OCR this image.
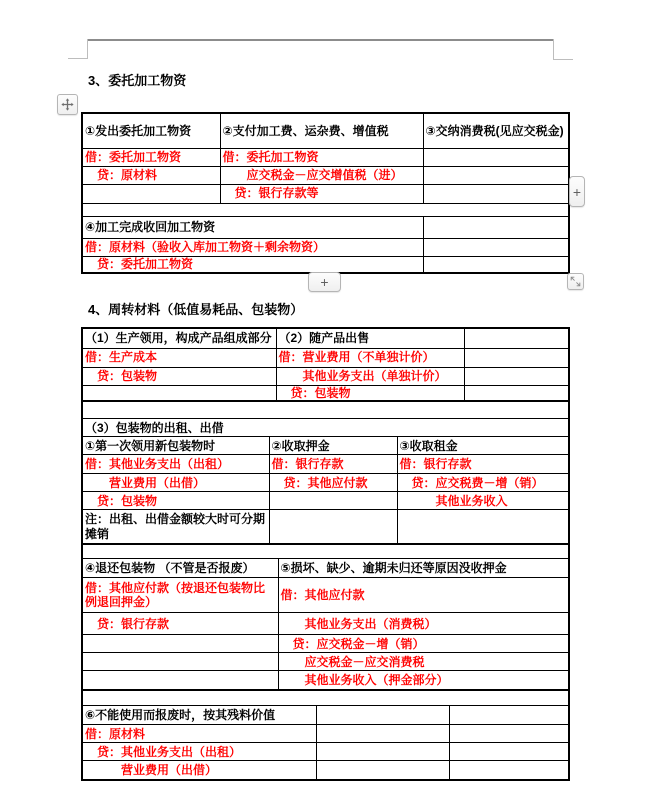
3、委托加工物资
①发出委托加工物资	②支付加工费、运杂费、增值税	③交纳消费税(见应交税金)
借：委托加工物资	借：委托加工物资	
　贷：原材料	　　应交税金－应交增值税（进）	
	　贷：银行存款等	

④加工完成收回加工物资		
借：原材料（验收入库加工物资＋剩余物资）		
　贷：委托加工物资		
+
+
4、周转材料（低值易耗品、包装物）
（1）生产领用，构成产品组成部分	（2）随产品出售	
借：生产成本	借：营业费用（不单独计价）	
　贷：包装物	　　其他业务支出（单独计价）	
	　贷：包装物	

（3）包装物的出租、出借		
①第一次领用新包装物时	②收取押金	③收取租金
借：其他业务支出（出租）	借：银行存款	借：银行存款
　　营业费用（出借）	　贷：其他应付款	　贷：应交税费－增（销）
　贷：包装物		　　　其他业务收入
注：出租、出借金额较大时可分期摊销		

④退还包装物 （不管是否报废）	⑤损坏、缺少、逾期未归还等原因没收押金
借：其他应付款（按退还包装物比例退回押金）	借：其他应付款
　贷：银行存款	　　其他业务支出（消费税）
	　贷：应交税金－增（销）
	　　应交税金－应交消费税
	　　其他业务收入（押金部分）

⑥不能使用而报废时，按其残料价值		
借：原材料		
　贷：其他业务支出（出租）		
　　　营业费用（出借）		
